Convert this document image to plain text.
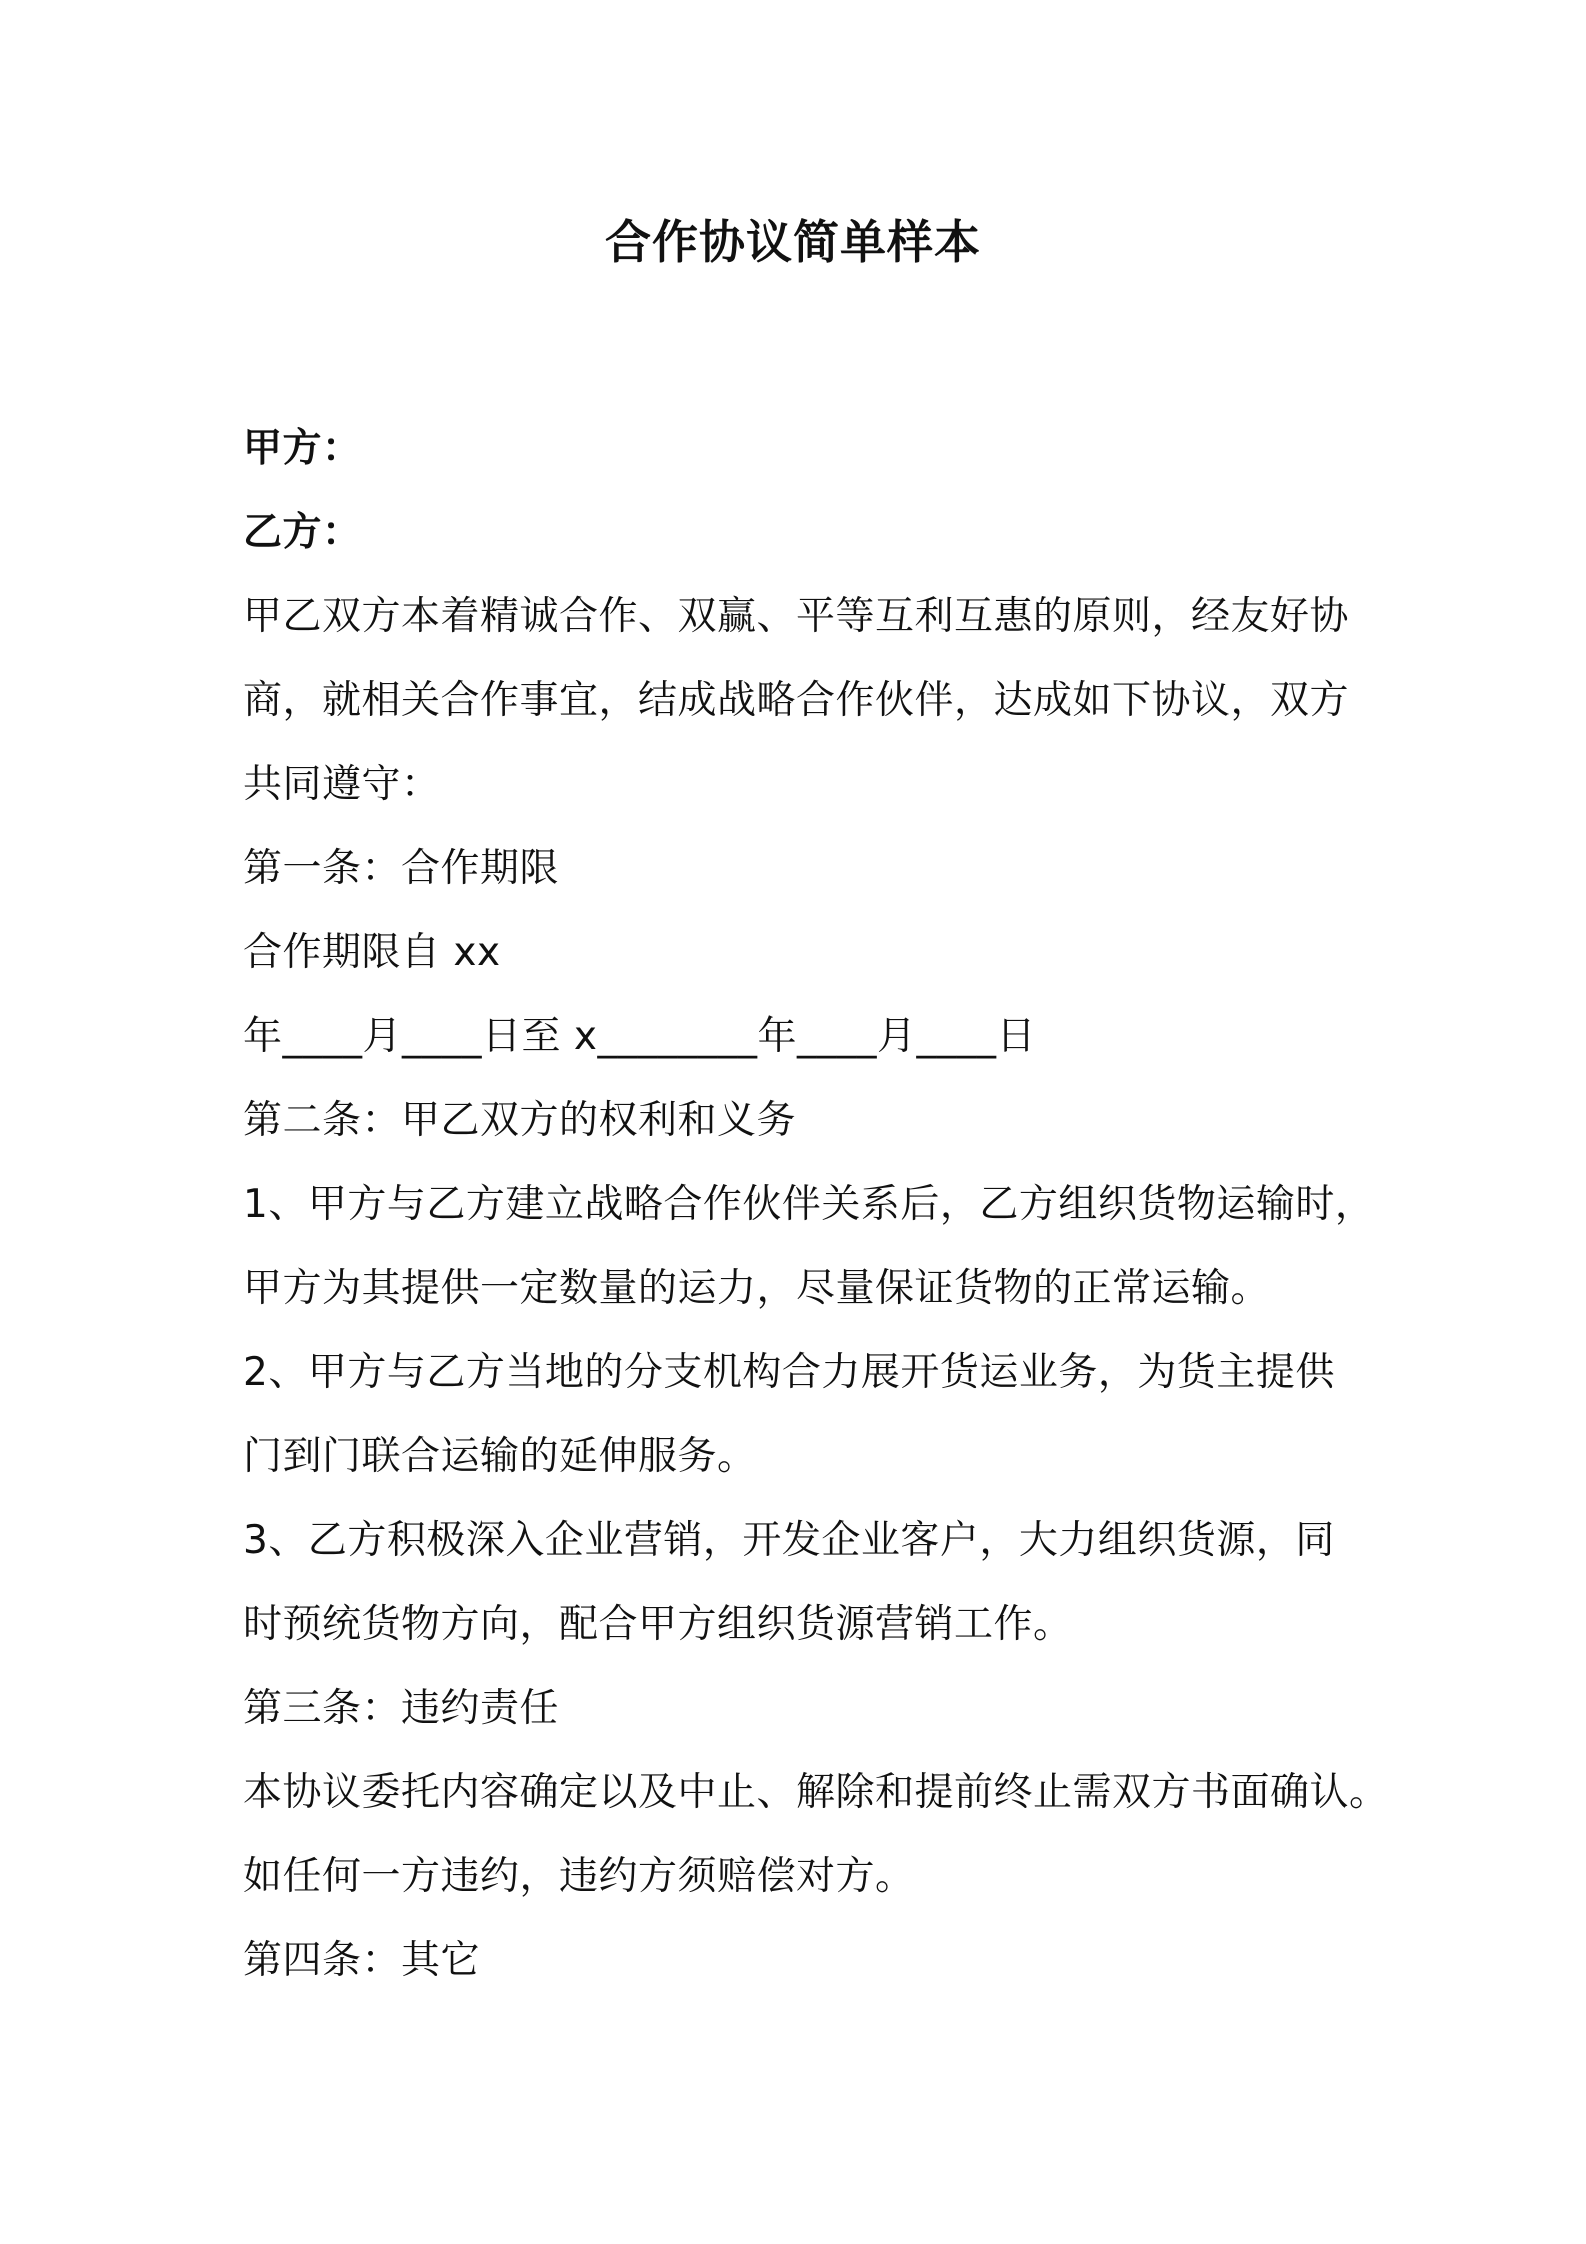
合作协议简单样本
甲方：
乙方：
甲乙双方本着精诚合作、双赢、平等互利互惠的原则，经友好协
商，就相关合作事宜，结成战略合作伙伴，达成如下协议，双方
共同遵守：
第一条：合作期限
合作期限自 xx
年____月____日至 x________年____月____日
第二条：甲乙双方的权利和义务
1、甲方与乙方建立战略合作伙伴关系后，乙方组织货物运输时，
甲方为其提供一定数量的运力，尽量保证货物的正常运输。
2、甲方与乙方当地的分支机构合力展开货运业务，为货主提供
门到门联合运输的延伸服务。
3、乙方积极深入企业营销，开发企业客户，大力组织货源，同
时预统货物方向，配合甲方组织货源营销工作。
第三条：违约责任
本协议委托内容确定以及中止、解除和提前终止需双方书面确认。
如任何一方违约，违约方须赔偿对方。
第四条：其它
